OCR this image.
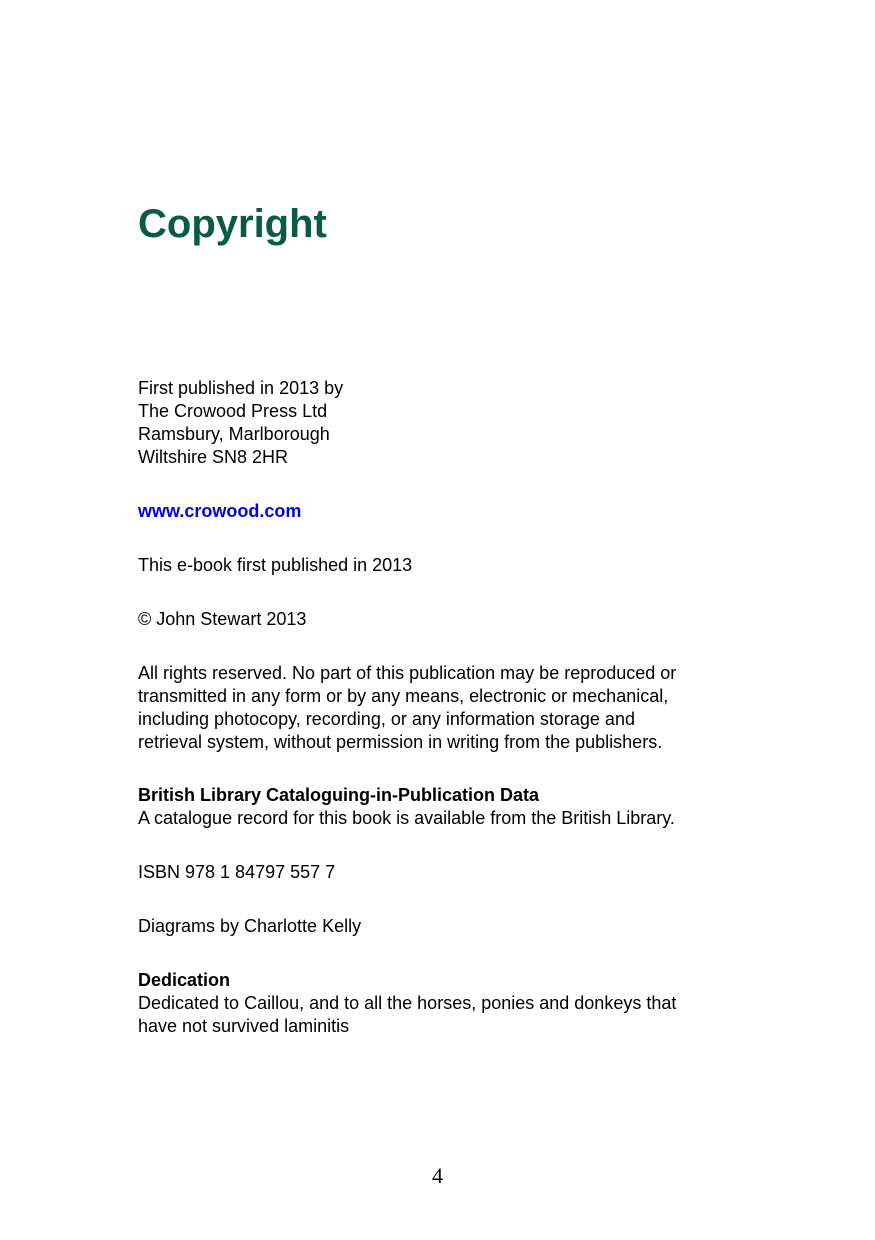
Copyright
First published in 2013 by
The Crowood Press Ltd
Ramsbury, Marlborough
Wiltshire SN8 2HR
www.crowood.com
This e-book first published in 2013
© John Stewart 2013
All rights reserved. No part of this publication may be reproduced or
transmitted in any form or by any means, electronic or mechanical,
including photocopy, recording, or any information storage and
retrieval system, without permission in writing from the publishers.
British Library Cataloguing-in-Publication Data
A catalogue record for this book is available from the British Library.
ISBN 978 1 84797 557 7
Diagrams by Charlotte Kelly
Dedication
Dedicated to Caillou, and to all the horses, ponies and donkeys that
have not survived laminitis
4
